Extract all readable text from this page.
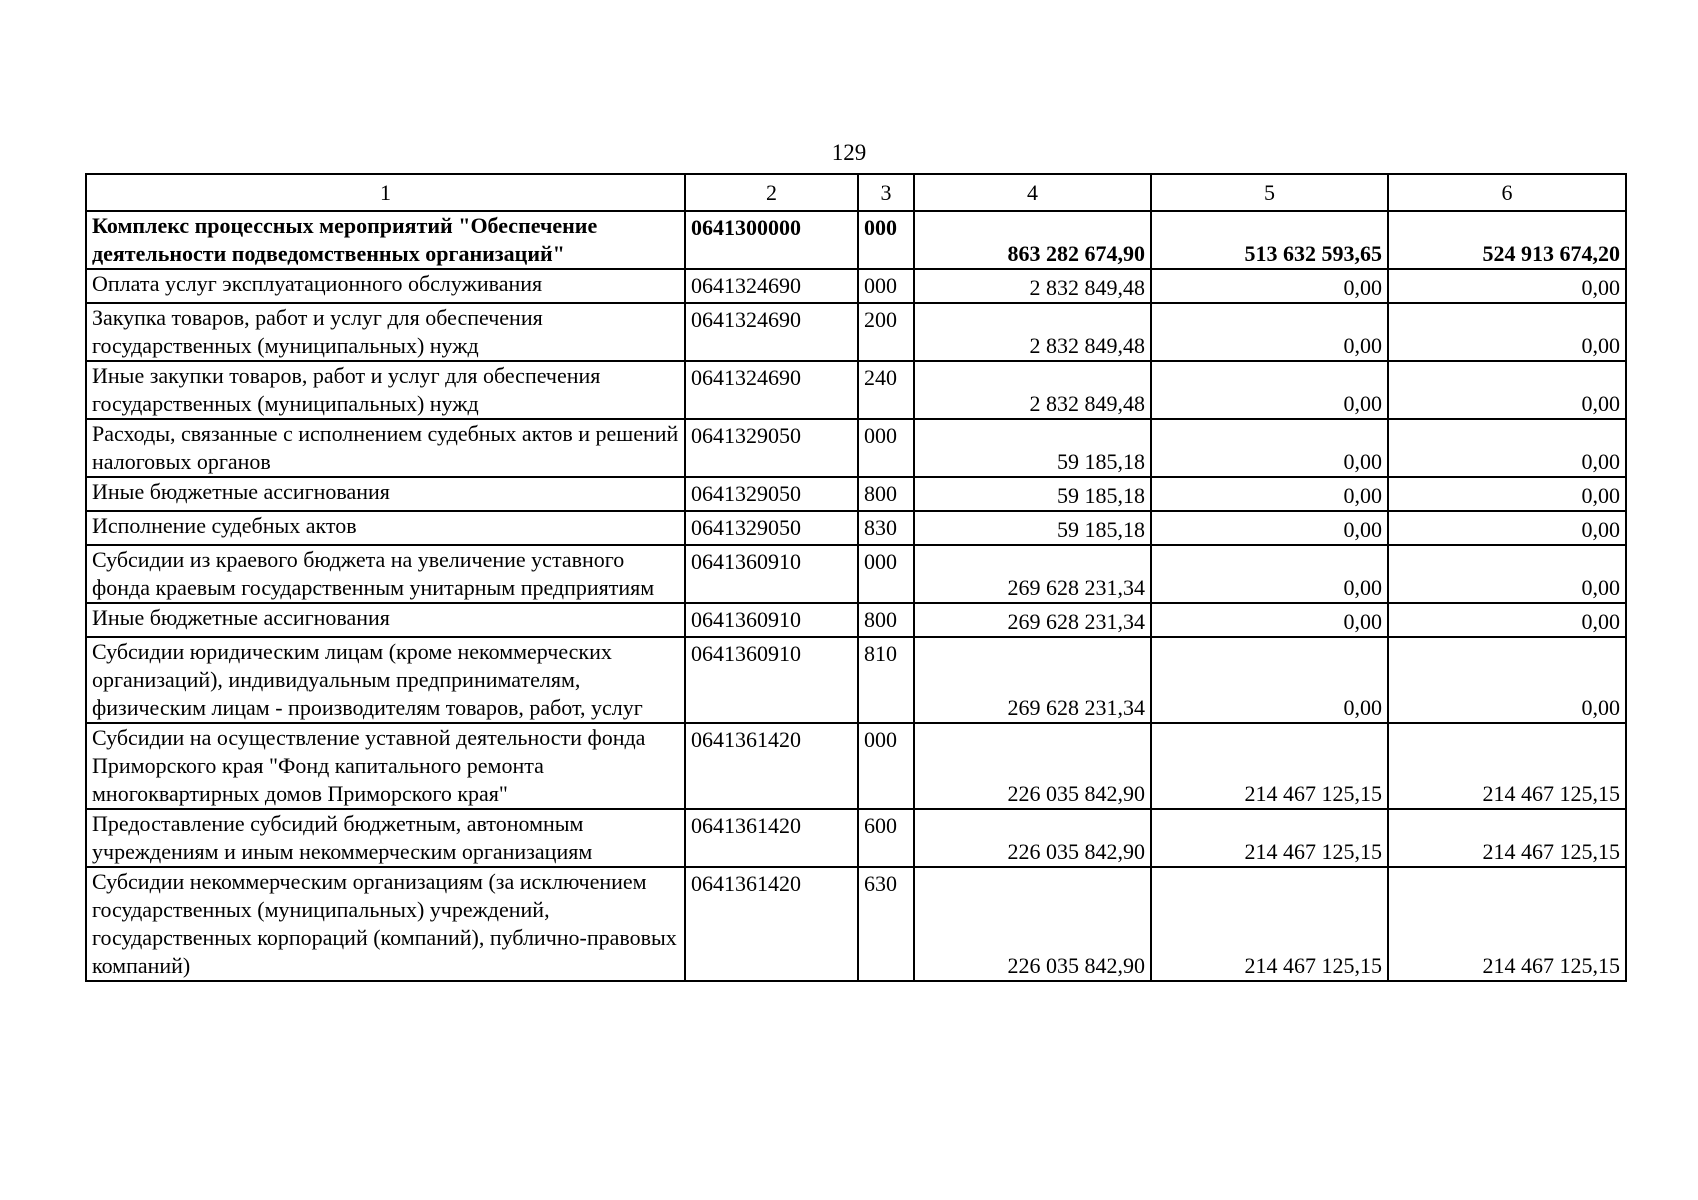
129
1	2	3	4	5	6
Комплекс процессных мероприятий "Обеспечение деятельности подведомственных организаций"	0641300000	000	863 282 674,90	513 632 593,65	524 913 674,20
Оплата услуг эксплуатационного обслуживания	0641324690	000	2 832 849,48	0,00	0,00
Закупка товаров, работ и услуг для обеспечения государственных (муниципальных) нужд	0641324690	200	2 832 849,48	0,00	0,00
Иные закупки товаров, работ и услуг для обеспечения государственных (муниципальных) нужд	0641324690	240	2 832 849,48	0,00	0,00
Расходы, связанные с исполнением судебных актов и решений налоговых органов	0641329050	000	59 185,18	0,00	0,00
Иные бюджетные ассигнования	0641329050	800	59 185,18	0,00	0,00
Исполнение судебных актов	0641329050	830	59 185,18	0,00	0,00
Субсидии из краевого бюджета на увеличение уставного фонда краевым государственным унитарным предприятиям	0641360910	000	269 628 231,34	0,00	0,00
Иные бюджетные ассигнования	0641360910	800	269 628 231,34	0,00	0,00
Субсидии юридическим лицам (кроме некоммерческих организаций), индивидуальным предпринимателям, физическим лицам - производителям товаров, работ, услуг	0641360910	810	269 628 231,34	0,00	0,00
Субсидии на осуществление уставной деятельности фонда Приморского края "Фонд капитального ремонта многоквартирных домов Приморского края"	0641361420	000	226 035 842,90	214 467 125,15	214 467 125,15
Предоставление субсидий бюджетным, автономным учреждениям и иным некоммерческим организациям	0641361420	600	226 035 842,90	214 467 125,15	214 467 125,15
Субсидии некоммерческим организациям (за исключением государственных (муниципальных) учреждений, государственных корпораций (компаний), публично-правовых компаний)	0641361420	630	226 035 842,90	214 467 125,15	214 467 125,15
